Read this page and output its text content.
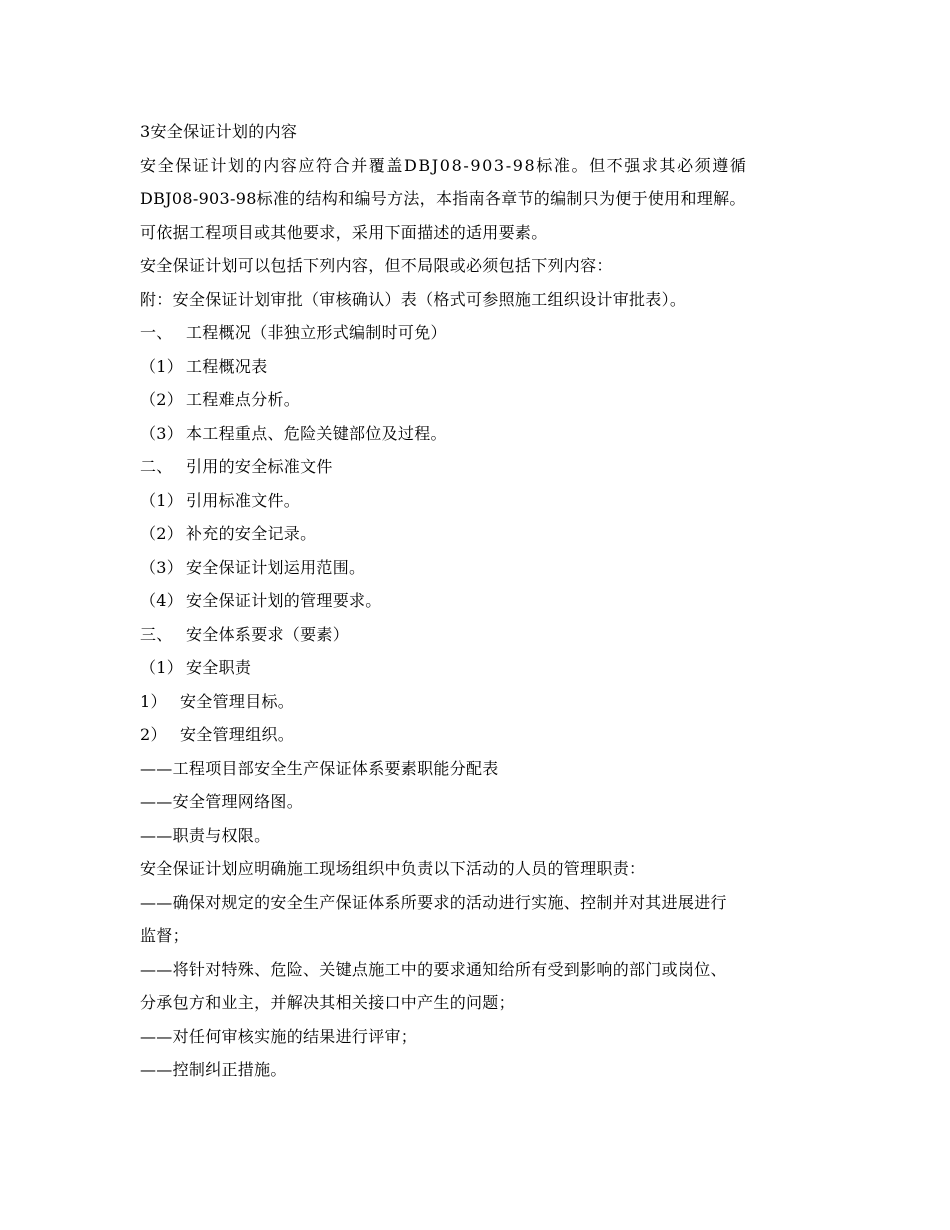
3安全保证计划的内容
安全保证计划的内容应符合并覆盖DBJ08-903-98标准。但不强求其必须遵循
DBJ08-903-98标准的结构和编号方法，本指南各章节的编制只为便于使用和理解。
可依据工程项目或其他要求，采用下面描述的适用要素。
安全保证计划可以包括下列内容，但不局限或必须包括下列内容：
附：安全保证计划审批（审核确认）表（格式可参照施工组织设计审批表）。
一、 工程概况（非独立形式编制时可免）
（1） 工程概况表
（2） 工程难点分析。
（3） 本工程重点、危险关键部位及过程。
二、 引用的安全标准文件
（1） 引用标准文件。
（2） 补充的安全记录。
（3） 安全保证计划运用范围。
（4） 安全保证计划的管理要求。
三、 安全体系要求（要素）
（1） 安全职责
1） 安全管理目标。
2） 安全管理组织。
——工程项目部安全生产保证体系要素职能分配表
——安全管理网络图。
——职责与权限。
安全保证计划应明确施工现场组织中负责以下活动的人员的管理职责：
——确保对规定的安全生产保证体系所要求的活动进行实施、控制并对其进展进行
监督；
——将针对特殊、危险、关键点施工中的要求通知给所有受到影响的部门或岗位、
分承包方和业主，并解决其相关接口中产生的问题；
——对任何审核实施的结果进行评审；
——控制纠正措施。
